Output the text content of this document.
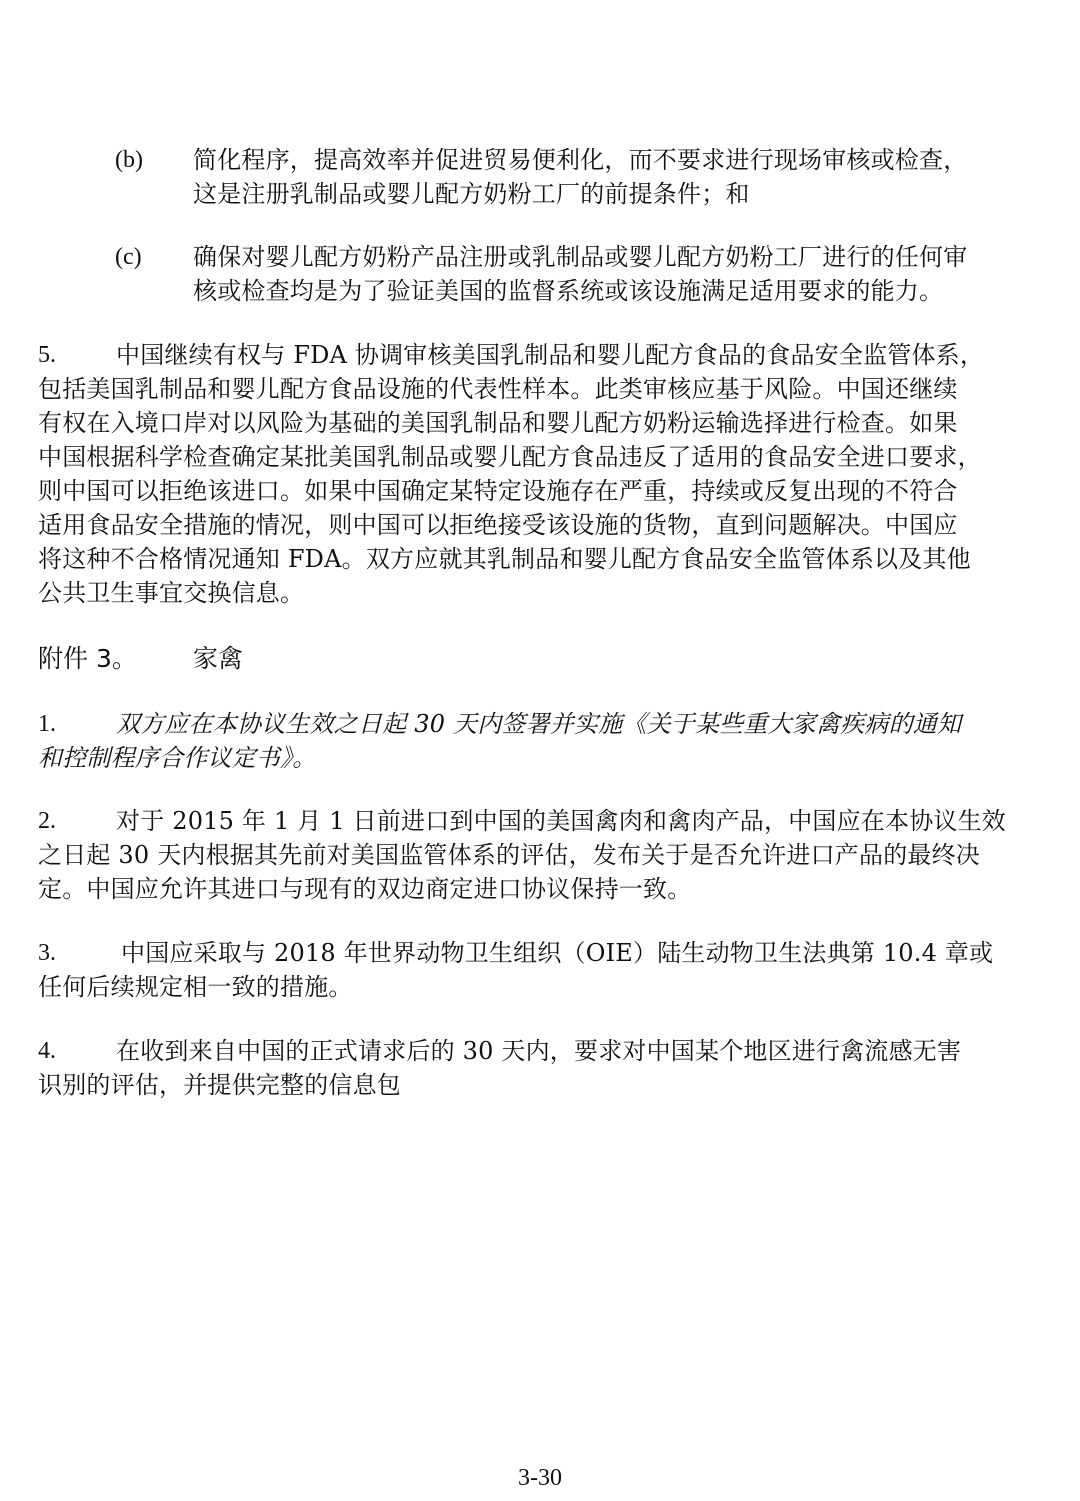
(b) 简化程序，提高效率并促进贸易便利化，而不要求进行现场审核或检查，
这是注册乳制品或婴儿配方奶粉工厂的前提条件；和
(c) 确保对婴儿配方奶粉产品注册或乳制品或婴儿配方奶粉工厂进行的任何审
核或检查均是为了验证美国的监督系统或该设施满足适用要求的能力。
5.	中国继续有权与 FDA 协调审核美国乳制品和婴儿配方食品的食品安全监管体系，
包括美国乳制品和婴儿配方食品设施的代表性样本。此类审核应基于风险。中国还继续
有权在入境口岸对以风险为基础的美国乳制品和婴儿配方奶粉运输选择进行检查。如果
中国根据科学检查确定某批美国乳制品或婴儿配方食品违反了适用的食品安全进口要求，
则中国可以拒绝该进口。如果中国确定某特定设施存在严重，持续或反复出现的不符合
适用食品安全措施的情况，则中国可以拒绝接受该设施的货物，直到问题解决。中国应
将这种不合格情况通知 FDA。双方应就其乳制品和婴儿配方食品安全监管体系以及其他
公共卫生事宜交换信息。
附件 3。 家禽
1.	双方应在本协议生效之日起 30 天内签署并实施《关于某些重大家禽疾病的通知
和控制程序合作议定书》。
2.	对于 2015 年 1 月 1 日前进口到中国的美国禽肉和禽肉产品，中国应在本协议生效
之日起 30 天内根据其先前对美国监管体系的评估，发布关于是否允许进口产品的最终决
定。中国应允许其进口与现有的双边商定进口协议保持一致。
3.	中国应采取与 2018 年世界动物卫生组织（OIE）陆生动物卫生法典第 10.4 章或
任何后续规定相一致的措施。
4.	在收到来自中国的正式请求后的 30 天内，要求对中国某个地区进行禽流感无害
识别的评估，并提供完整的信息包
3-30
